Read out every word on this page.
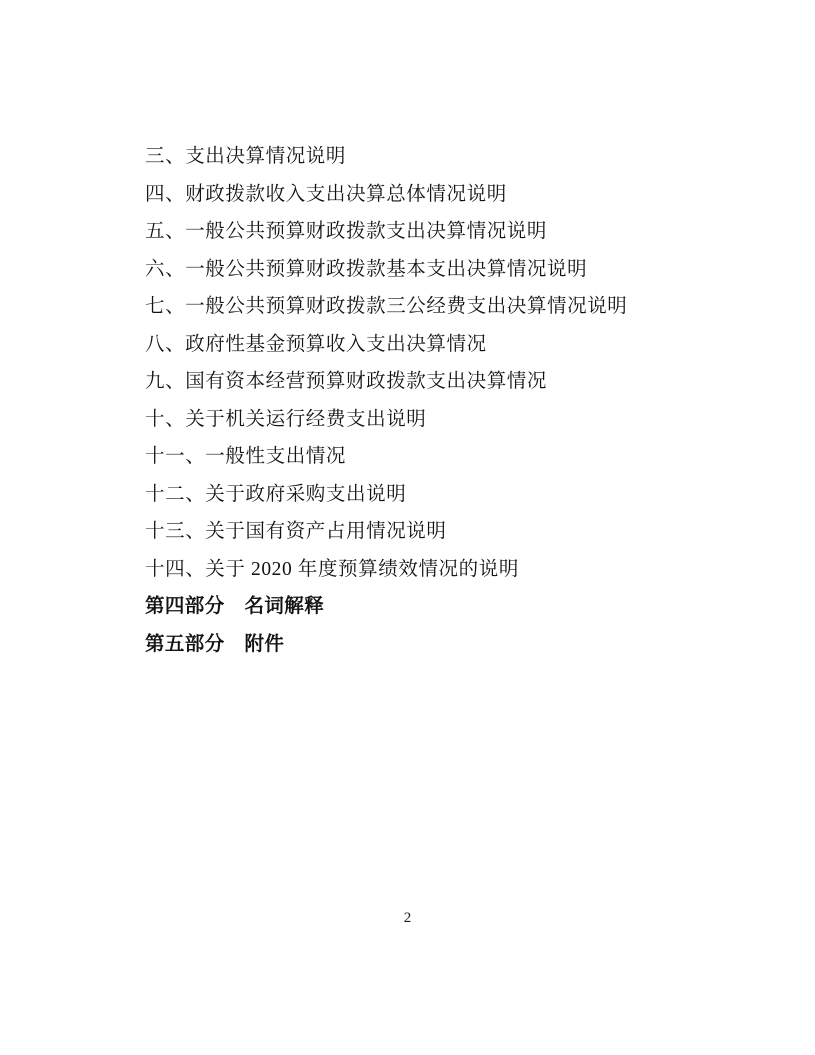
三、支出决算情况说明
四、财政拨款收入支出决算总体情况说明
五、一般公共预算财政拨款支出决算情况说明
六、一般公共预算财政拨款基本支出决算情况说明
七、一般公共预算财政拨款三公经费支出决算情况说明
八、政府性基金预算收入支出决算情况
九、国有资本经营预算财政拨款支出决算情况
十、关于机关运行经费支出说明
十一、一般性支出情况
十二、关于政府采购支出说明
十三、关于国有资产占用情况说明
十四、关于 2020 年度预算绩效情况的说明
第四部分　名词解释
第五部分　附件
2
